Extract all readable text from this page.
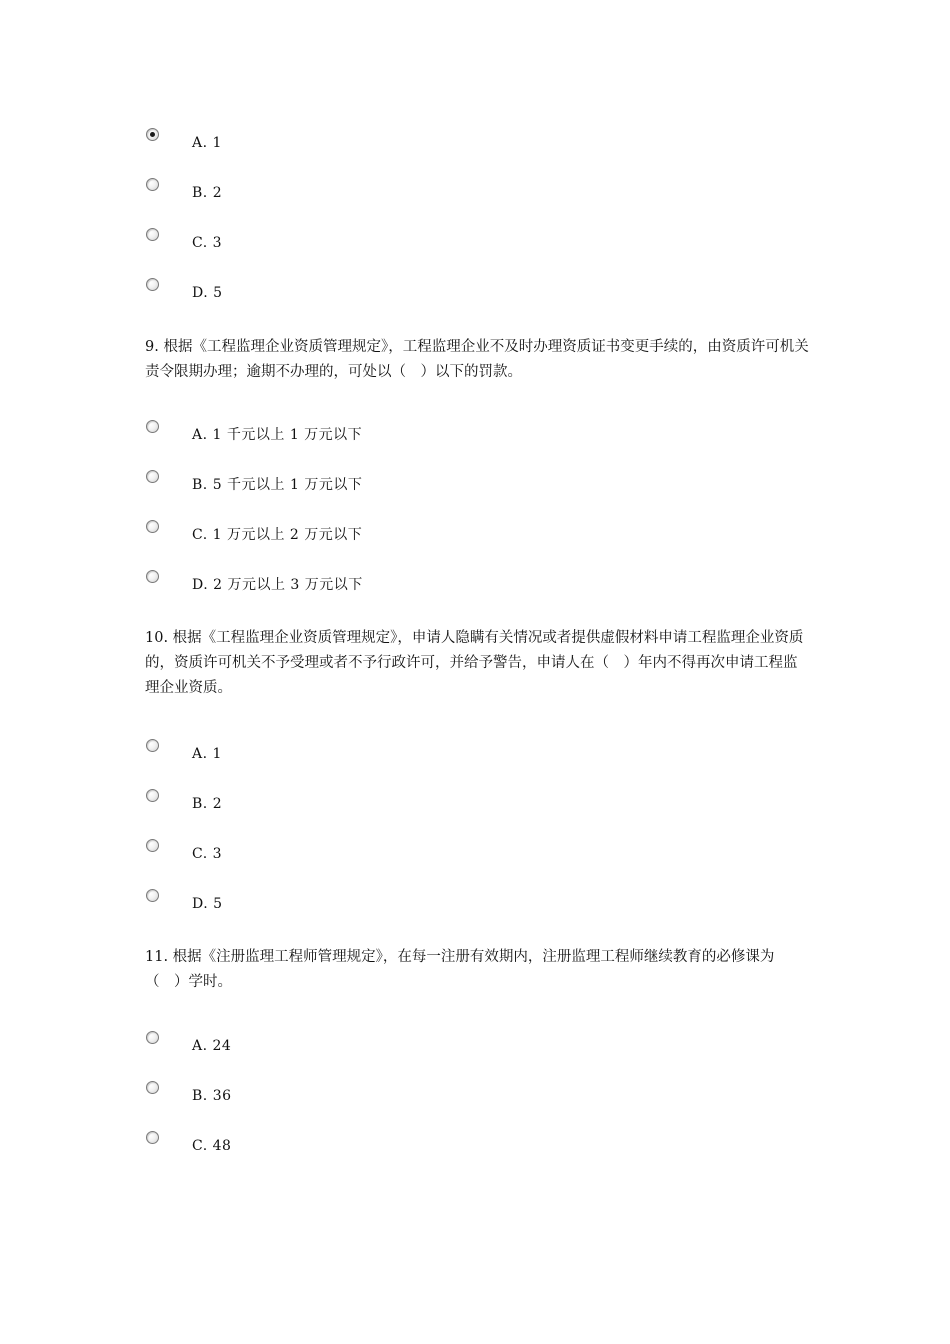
A. 1
B. 2
C. 3
D. 5

9. 根据《工程监理企业资质管理规定》，工程监理企业不及时办理资质证书变更手续的，由资质许可机关责令限期办理；逾期不办理的，可处以（　）以下的罚款。

A. 1 千元以上 1 万元以下
B. 5 千元以上 1 万元以下
C. 1 万元以上 2 万元以下
D. 2 万元以上 3 万元以下

10. 根据《工程监理企业资质管理规定》，申请人隐瞒有关情况或者提供虚假材料申请工程监理企业资质的，资质许可机关不予受理或者不予行政许可，并给予警告，申请人在（　）年内不得再次申请工程监理企业资质。

A. 1
B. 2
C. 3
D. 5

11. 根据《注册监理工程师管理规定》，在每一注册有效期内，注册监理工程师继续教育的必修课为（　）学时。

A. 24
B. 36
C. 48
